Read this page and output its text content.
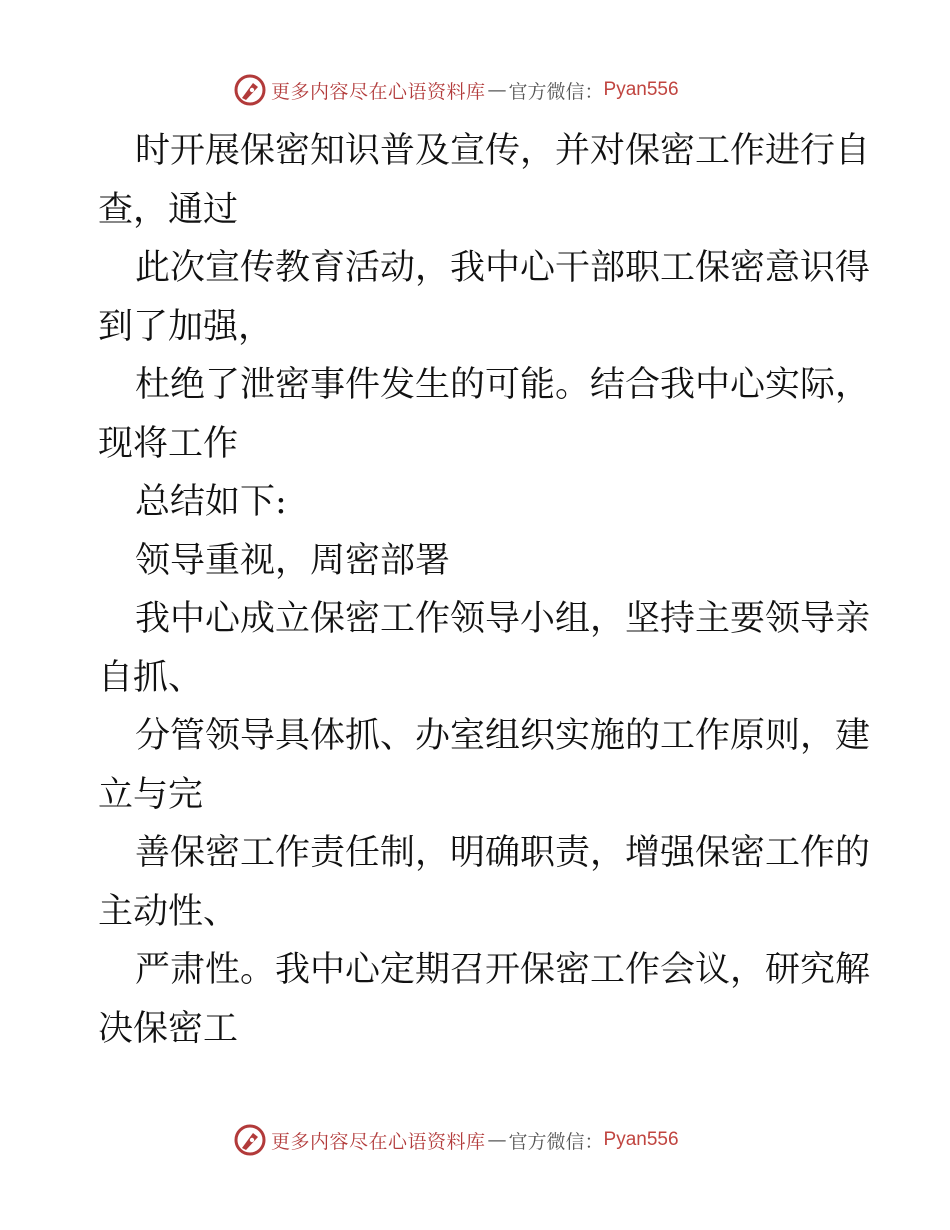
更多内容尽在心语资料库 — 官方微信： Pyan556
时开展保密知识普及宣传，并对保密工作进行自
查，通过
此次宣传教育活动，我中心干部职工保密意识得
到了加强，
杜绝了泄密事件发生的可能。结合我中心实际，
现将工作
总结如下:
领导重视，周密部署
我中心成立保密工作领导小组，坚持主要领导亲
自抓、
分管领导具体抓、办室组织实施的工作原则，建
立与完
善保密工作责任制，明确职责，增强保密工作的
主动性、
严肃性。我中心定期召开保密工作会议，研究解
决保密工
更多内容尽在心语资料库 — 官方微信： Pyan556
